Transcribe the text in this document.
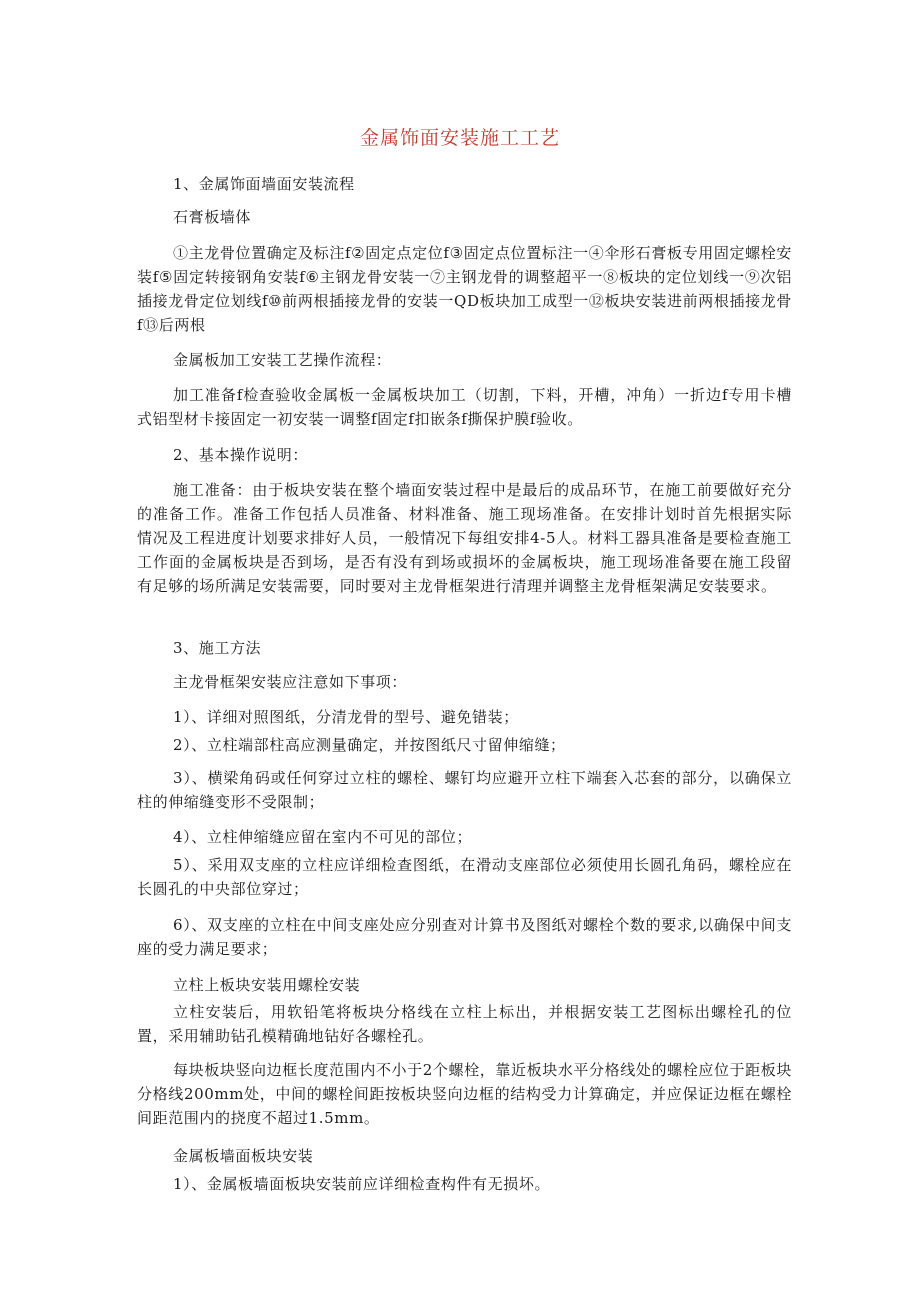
金属饰面安装施工工艺

1、金属饰面墙面安装流程

石膏板墙体

①主龙骨位置确定及标注f②固定点定位f③固定点位置标注一④伞形石膏板专用固定螺栓安装f⑤固定转接钢角安装f⑥主钢龙骨安装一⑦主钢龙骨的调整超平一⑧板块的定位划线一⑨次铝插接龙骨定位划线f⑩前两根插接龙骨的安装一QD板块加工成型一⑫板块安装进前两根插接龙骨f⑬后两根

金属板加工安装工艺操作流程：

加工准备f检查验收金属板一金属板块加工（切割，下料，开槽，冲角）一折边f专用卡槽式铝型材卡接固定一初安装一调整f固定f扣嵌条f撕保护膜f验收。

2、基本操作说明：

施工准备：由于板块安装在整个墙面安装过程中是最后的成品环节，在施工前要做好充分的准备工作。准备工作包括人员准备、材料准备、施工现场准备。在安排计划时首先根据实际情况及工程进度计划要求排好人员，一般情况下每组安排4-5人。材料工器具准备是要检查施工工作面的金属板块是否到场，是否有没有到场或损坏的金属板块，施工现场准备要在施工段留有足够的场所满足安装需要，同时要对主龙骨框架进行清理并调整主龙骨框架满足安装要求。

3、施工方法

主龙骨框架安装应注意如下事项：

1）、详细对照图纸，分清龙骨的型号、避免错装；

2）、立柱端部柱高应测量确定，并按图纸尺寸留伸缩缝；

3）、横梁角码或任何穿过立柱的螺栓、螺钉均应避开立柱下端套入芯套的部分，以确保立柱的伸缩缝变形不受限制；

4）、立柱伸缩缝应留在室内不可见的部位；

5）、采用双支座的立柱应详细检查图纸，在滑动支座部位必须使用长圆孔角码，螺栓应在长圆孔的中央部位穿过；

6）、双支座的立柱在中间支座处应分别查对计算书及图纸对螺栓个数的要求,以确保中间支座的受力满足要求；

立柱上板块安装用螺栓安装

立柱安装后，用软铅笔将板块分格线在立柱上标出，并根据安装工艺图标出螺栓孔的位置，采用辅助钻孔模精确地钻好各螺栓孔。

每块板块竖向边框长度范围内不小于2个螺栓，靠近板块水平分格线处的螺栓应位于距板块分格线200mm处，中间的螺栓间距按板块竖向边框的结构受力计算确定，并应保证边框在螺栓间距范围内的挠度不超过1.5mm。

金属板墙面板块安装

1）、金属板墙面板块安装前应详细检查构件有无损坏。
